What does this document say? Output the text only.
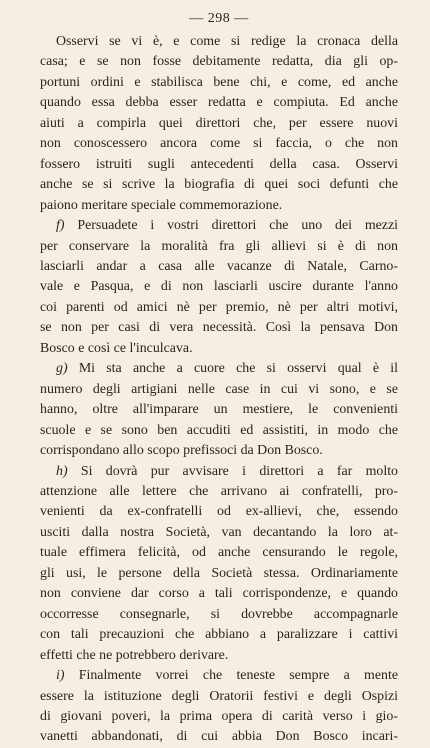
— 298 —
Osservi se vi è, e come si redige la cronaca della
casa; e se non fosse debitamente redatta, dia gli op-
portuni ordini e stabilisca bene chi, e come, ed anche
quando essa debba esser redatta e compiuta. Ed anche
aiuti a compirla quei direttori che, per essere nuovi
non conoscessero ancora come si faccia, o che non
fossero istruiti sugli antecedenti della casa. Osservi
anche se si scrive la biografia di quei soci defunti che
paiono meritare speciale commemorazione.
f) Persuadete i vostri direttori che uno dei mezzi
per conservare la moralità fra gli allievi si è di non
lasciarli andar a casa alle vacanze di Natale, Carno-
vale e Pasqua, e di non lasciarli uscire durante l'anno
coi parenti od amici nè per premio, nè per altri motivi,
se non per casi di vera necessità. Così la pensava Don
Bosco e così ce l'inculcava.
g) Mi sta anche a cuore che si osservi qual è il
numero degli artigiani nelle case in cui vi sono, e se
hanno, oltre all'imparare un mestiere, le convenienti
scuole e se sono ben accuditi ed assistiti, in modo che
corrispondano allo scopo prefissoci da Don Bosco.
h) Si dovrà pur avvisare i direttori a far molto
attenzione alle lettere che arrivano ai confratelli, pro-
venienti da ex-confratelli od ex-allievi, che, essendo
usciti dalla nostra Società, van decantando la loro at-
tuale effimera felicità, od anche censurando le regole,
gli usi, le persone della Società stessa. Ordinariamente
non conviene dar corso a tali corrispondenze, e quando
occorresse consegnarle, si dovrebbe accompagnarle
con tali precauzioni che abbiano a paralizzare i cattivi
effetti che ne potrebbero derivare.
i) Finalmente vorrei che teneste sempre a mente
essere la istituzione degli Oratorii festivi e degli Ospizi
di giovani poveri, la prima opera di carità verso i gio-
vanetti abbandonati, di cui abbia Don Bosco incari-
